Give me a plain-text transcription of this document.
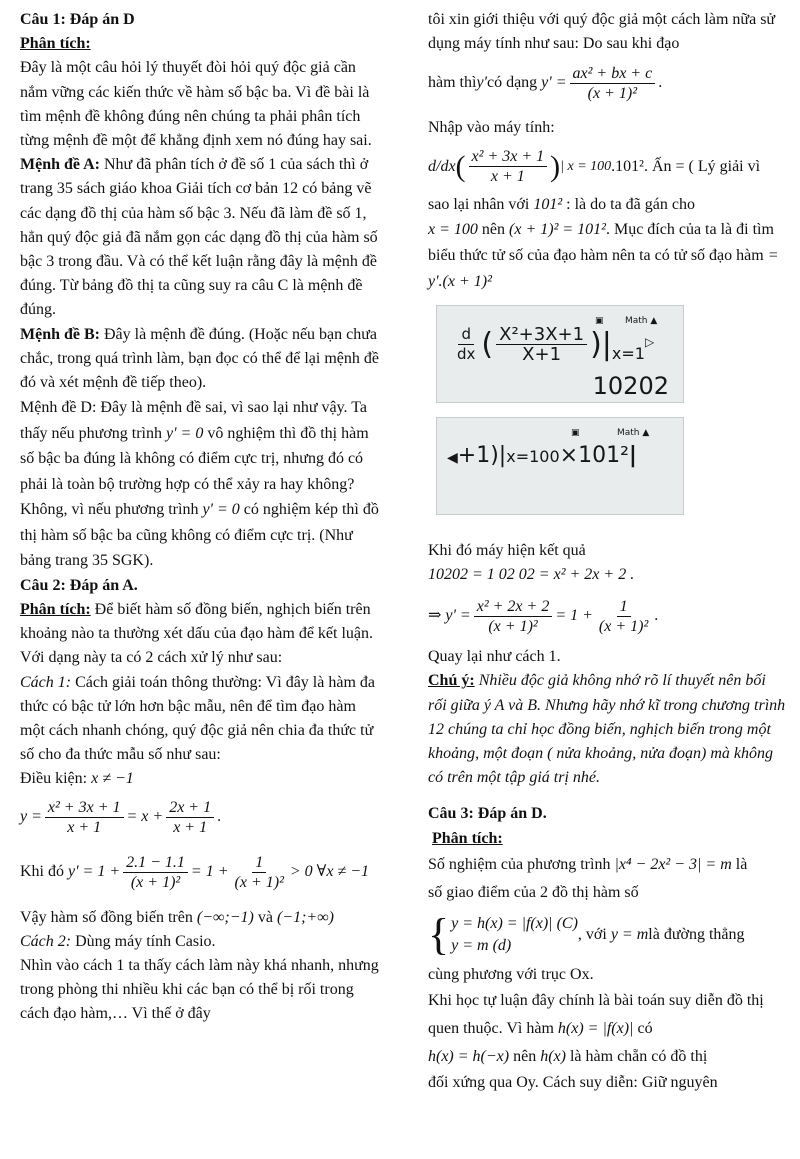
Câu 1: Đáp án D

Phân tích:

Đây là một câu hỏi lý thuyết đòi hỏi quý độc giả cần nắm vững các kiến thức về hàm số bậc ba. Vì đề bài là tìm mệnh đề không đúng nên chúng ta phải phân tích từng mệnh đề một để khẳng định xem nó đúng hay sai.

Mệnh đề A: Như đã phân tích ở đề số 1 của sách thì ở trang 35 sách giáo khoa Giải tích cơ bản 12 có bảng vẽ các dạng đồ thị của hàm số bậc 3. Nếu đã làm đề số 1, hẳn quý độc giả đã nắm gọn các dạng đồ thị của hàm số bậc 3 trong đầu. Và có thể kết luận rằng đây là mệnh đề đúng. Từ bảng đồ thị ta cũng suy ra câu C là mệnh đề đúng.

Mệnh đề B: Đây là mệnh đề đúng. (Hoặc nếu bạn chưa chắc, trong quá trình làm, bạn đọc có thể để lại mệnh đề đó và xét mệnh đề tiếp theo).

Mệnh đề D: Đây là mệnh đề sai, vì sao lại như vậy. Ta thấy nếu phương trình y' = 0 vô nghiệm thì đồ thị hàm số bậc ba đúng là không có điểm cực trị, nhưng đó có phải là toàn bộ trường hợp có thể xảy ra hay không? Không, vì nếu phương trình y' = 0 có nghiệm kép thì đồ thị hàm số bậc ba cũng không có điểm cực trị. (Như bảng trang 35 SGK).

Câu 2: Đáp án A.

Phân tích: Để biết hàm số đồng biến, nghịch biến trên khoảng nào ta thường xét dấu của đạo hàm để kết luận.

Với dạng này ta có 2 cách xử lý như sau:

Cách 1: Cách giải toán thông thường: Vì đây là hàm đa thức có bậc tử lớn hơn bậc mẫu, nên để tìm đạo hàm một cách nhanh chóng, quý độc giả nên chia đa thức tử số cho đa thức mẫu số như sau:

Điều kiện: x ≠ −1

$y = \frac{\text{x² + 3x + 1}}{x + 1} = x + \frac{2x + 1}{x + 1}$ .
Khi đó
$y' = 1 + \frac{2.1 - 1.1}{\text{(x + 1)²}} = 1 + \frac{1}{\text{(x + 1)²}} > 0$ ∀x ≠ −1

Vậy hàm số đồng biến trên (−∞;−1) và (−1;+∞)

Cách 2: Dùng máy tính Casio.

Nhìn vào cách 1 ta thấy cách làm này khá nhanh, nhưng trong phòng thi nhiều khi các bạn có thể bị rối trong cách đạo hàm,… Vì thế ở đây

tôi xin giới thiệu với quý độc giả một cách làm nữa sử dụng máy tính như sau: Do sau khi đạo

hàm thì y' có dạng
$y' = \frac{\text{ax² + bx + c}}{\text{(x + 1)²}}$ .

Nhập vào máy tính:

d/dx ( $\frac{\text{x² + 3x + 1}}{x + 1}$ ) | x = 100 .101² . Ấn = ( Lý giải vì

sao lại nhân với 101² : là do ta đã gán cho

x = 100 nên (x + 1)² = 101². Mục đích của ta là đi tìm biểu thức tử số của đạo hàm nên ta có tử số đạo hàm = y'.(x + 1)²

▣ Math ▲
$\frac{d}{dx}$ ( $\frac{\text{X²+3X+1}}{X+1}$ )| x=1
▷
10202
▣	Math ▲
◀ +1)| x=100 ×101² |

Khi đó máy hiện kết quả

10202 = 1 02 02 = x² + 2x + 2 .

⇒ $y' = \frac{\text{x² + 2x + 2}}{\text{(x + 1)²}} = 1 + \frac{1}{\text{(x + 1)²}}$ .

Quay lại như cách 1.

Chú ý: Nhiều độc giả không nhớ rõ lí thuyết nên bối rối giữa ý A và B. Nhưng hãy nhớ kĩ trong chương trình 12 chúng ta chỉ học đồng biến, nghịch biến trong một khoảng, một đoạn ( nửa khoảng, nửa đoạn) mà không có trên một tập giá trị nhé.

Câu 3: Đáp án D.

Phân tích:

Số nghiệm của phương trình |x⁴ − 2x² − 3| = m là

số giao điểm của 2 đồ thị hàm số

{ y = h(x) = |f(x)| (C)
y = m (d)
, với
y = m là đường thẳng

cùng phương với trục Ox.

Khi học tự luận đây chính là bài toán suy diễn đồ thị quen thuộc. Vì hàm h(x) = |f(x)| có

h(x) = h(−x) nên h(x) là hàm chẵn có đồ thị

đối xứng qua Oy. Cách suy diễn: Giữ nguyên
